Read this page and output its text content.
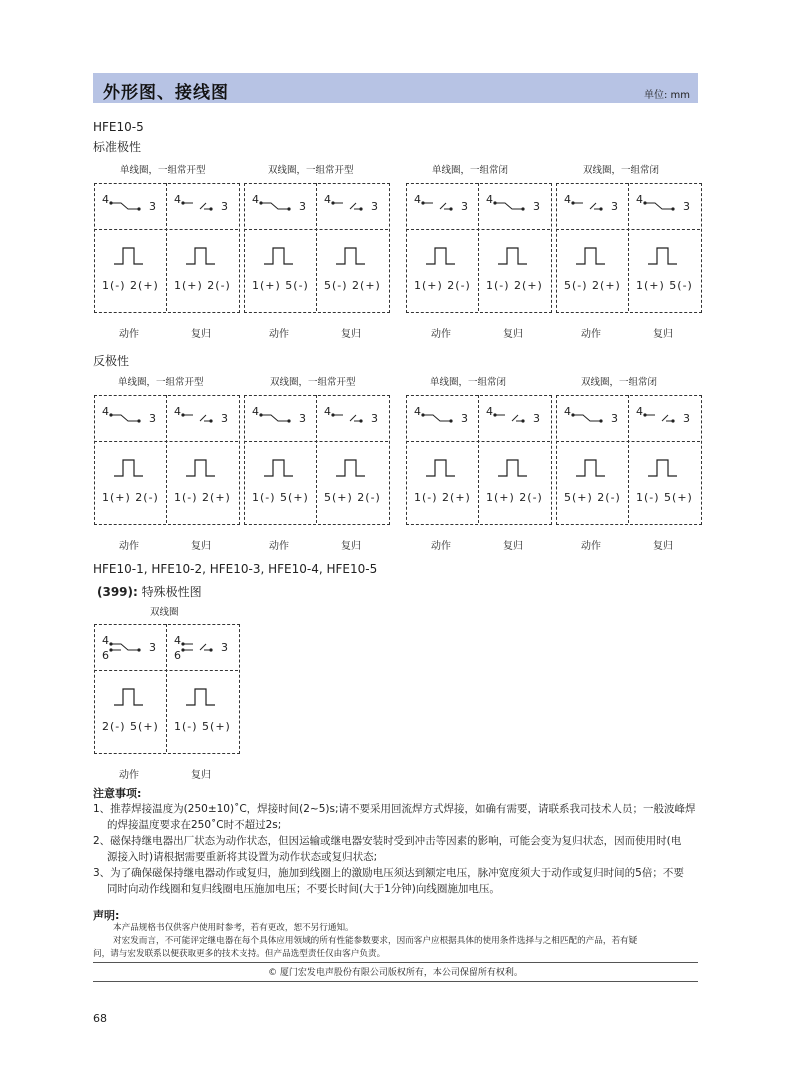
外形图、接线图	单位: mm
HFE10-5
标准极性
反极性
单线圈，一组常开型
4
3
1(-) 2(+)
4
3
1(+) 2(-)
动作	复归
双线圈，一组常开型
4
3
1(+) 5(-)
4
3
5(-) 2(+)
动作	复归
单线圈，一组常闭
4
3
1(+) 2(-)
4
3
1(-) 2(+)
动作	复归
双线圈，一组常闭
4
3
5(-) 2(+)
4
3
1(+) 5(-)
动作	复归
单线圈，一组常开型
4
3
1(+) 2(-)
4
3
1(-) 2(+)
动作	复归
双线圈，一组常开型
4
3
1(-) 5(+)
4
3
5(+) 2(-)
动作	复归
单线圈，一组常闭
4
3
1(-) 2(+)
4
3
1(+) 2(-)
动作	复归
双线圈，一组常闭
4
3
5(+) 2(-)
4
3
1(-) 5(+)
动作	复归
双线圈
4
3
6
2(-) 5(+)
4
3
6
1(-) 5(+)
动作	复归
HFE10-1, HFE10-2, HFE10-3, HFE10-4, HFE10-5
(399): 特殊极性图
注意事项:
1、推荐焊接温度为(250±10)˚C，焊接时间(2~5)s;请不要采用回流焊方式焊接，如确有需要，请联系我司技术人员；一般波峰焊
的焊接温度要求在250˚C时不超过2s;
2、磁保持继电器出厂状态为动作状态，但因运输或继电器安装时受到冲击等因素的影响，可能会变为复归状态，因而使用时(电
源接入时)请根据需要重新将其设置为动作状态或复归状态;
3、为了确保磁保持继电器动作或复归，施加到线圈上的激励电压须达到额定电压，脉冲宽度须大于动作或复归时间的5倍；不要
同时向动作线圈和复归线圈电压施加电压；不要长时间(大于1分钟)向线圈施加电压。
声明:
本产品规格书仅供客户使用时参考，若有更改，恕不另行通知。
对宏发而言，不可能评定继电器在每个具体应用领域的所有性能参数要求，因而客户应根据具体的使用条件选择与之相匹配的产品，若有疑
问，请与宏发联系以便获取更多的技术支持。但产品选型责任仅由客户负责。
© 厦门宏发电声股份有限公司版权所有，本公司保留所有权利。
68
